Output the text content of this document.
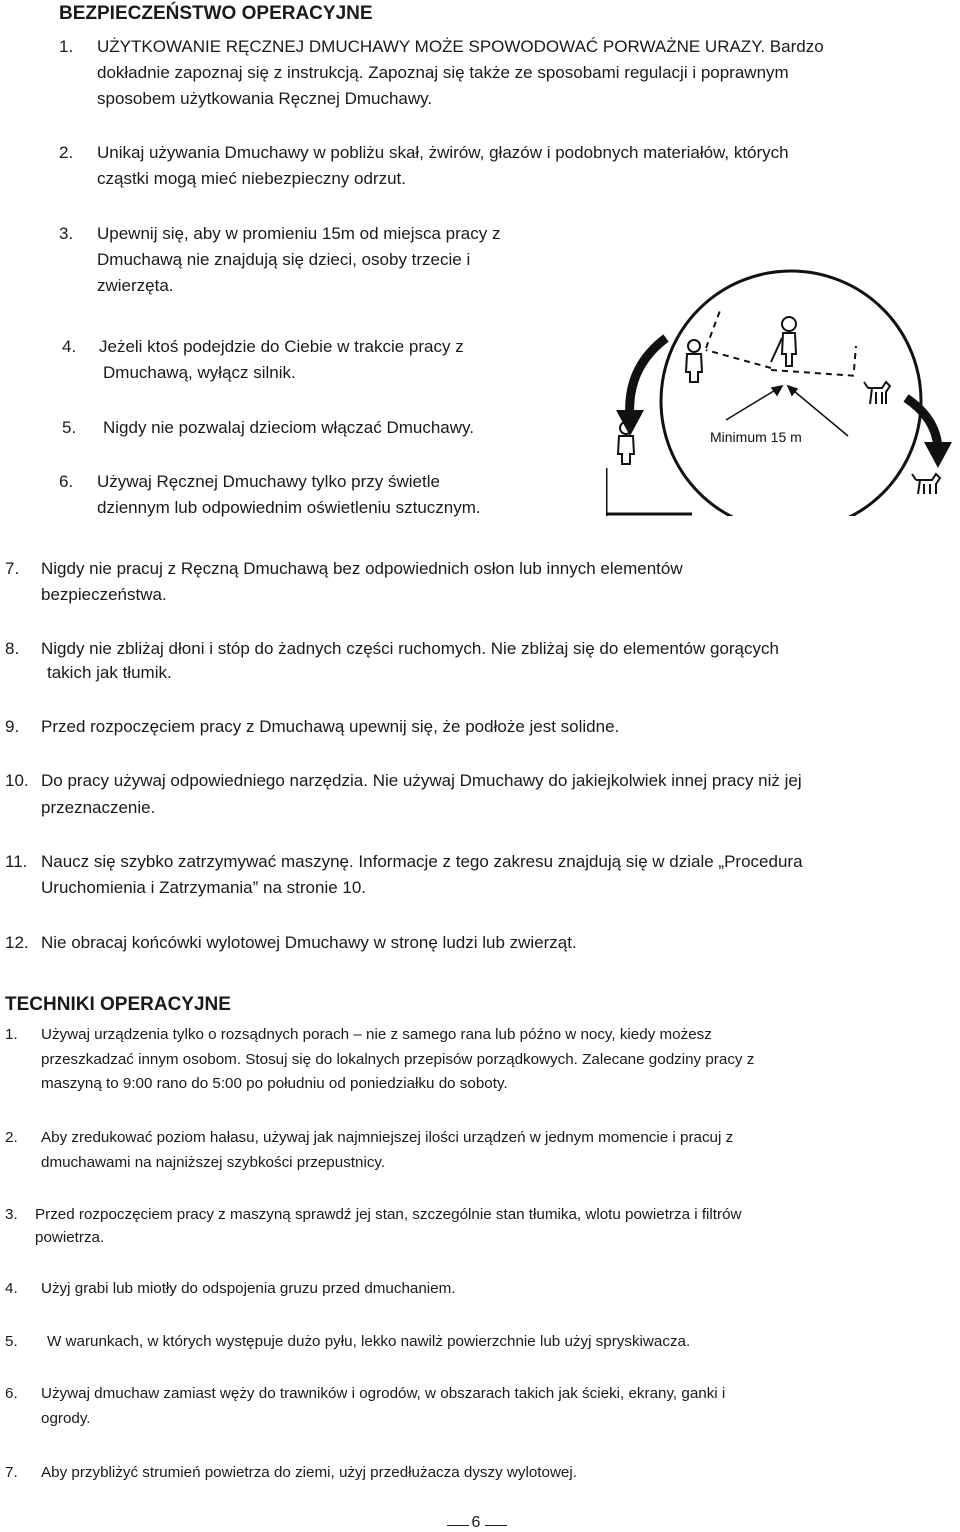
BEZPIECZEŃSTWO OPERACYJNE
1. UŻYTKOWANIE RĘCZNEJ DMUCHAWY MOŻE SPOWODOWAĆ PORWAŻNE URAZY. Bardzo
dokładnie zapoznaj się z instrukcją. Zapoznaj się także ze sposobami regulacji i poprawnym
sposobem użytkowania Ręcznej Dmuchawy.
2. Unikaj używania Dmuchawy w pobliżu skał, żwirów, głazów i podobnych materiałów, których
cząstki mogą mieć niebezpieczny odrzut.
3. Upewnij się, aby w promieniu 15m od miejsca pracy z
Dmuchawą nie znajdują się dzieci, osoby trzecie i
zwierzęta.
4. Jeżeli ktoś podejdzie do Ciebie w trakcie pracy z
Dmuchawą, wyłącz silnik.
5. Nigdy nie pozwalaj dzieciom włączać Dmuchawy.
6. Używaj Ręcznej Dmuchawy tylko przy świetle
dziennym lub odpowiednim oświetleniu sztucznym.
7. Nigdy nie pracuj z Ręczną Dmuchawą bez odpowiednich osłon lub innych elementów
bezpieczeństwa.
8. Nigdy nie zbliżaj dłoni i stóp do żadnych części ruchomych. Nie zbliżaj się do elementów gorących
takich jak tłumik.
9. Przed rozpoczęciem pracy z Dmuchawą upewnij się, że podłoże jest solidne.
10. Do pracy używaj odpowiedniego narzędzia. Nie używaj Dmuchawy do jakiejkolwiek innej pracy niż jej
przeznaczenie.
11. Naucz się szybko zatrzymywać maszynę. Informacje z tego zakresu znajdują się w dziale „Procedura
Uruchomienia i Zatrzymania” na stronie 10.
12. Nie obracaj końcówki wylotowej Dmuchawy w stronę ludzi lub zwierząt.
Minimum 15 m
TECHNIKI OPERACYJNE
1. Używaj urządzenia tylko o rozsądnych porach – nie z samego rana lub późno w nocy, kiedy możesz
przeszkadzać innym osobom. Stosuj się do lokalnych przepisów porządkowych. Zalecane godziny pracy z
maszyną to 9:00 rano do 5:00 po południu od poniedziałku do soboty.
2. Aby zredukować poziom hałasu, używaj jak najmniejszej ilości urządzeń w jednym momencie i pracuj z
dmuchawami na najniższej szybkości przepustnicy.
3. Przed rozpoczęciem pracy z maszyną sprawdź jej stan, szczególnie stan tłumika, wlotu powietrza i filtrów
powietrza.
4. Użyj grabi lub miotły do odspojenia gruzu przed dmuchaniem.
5. W warunkach, w których występuje dużo pyłu, lekko nawilż powierzchnie lub użyj spryskiwacza.
6. Używaj dmuchaw zamiast węży do trawników i ogrodów, w obszarach takich jak ścieki, ekrany, ganki i
ogrody.
7. Aby przybliżyć strumień powietrza do ziemi, użyj przedłużacza dyszy wylotowej.
6
